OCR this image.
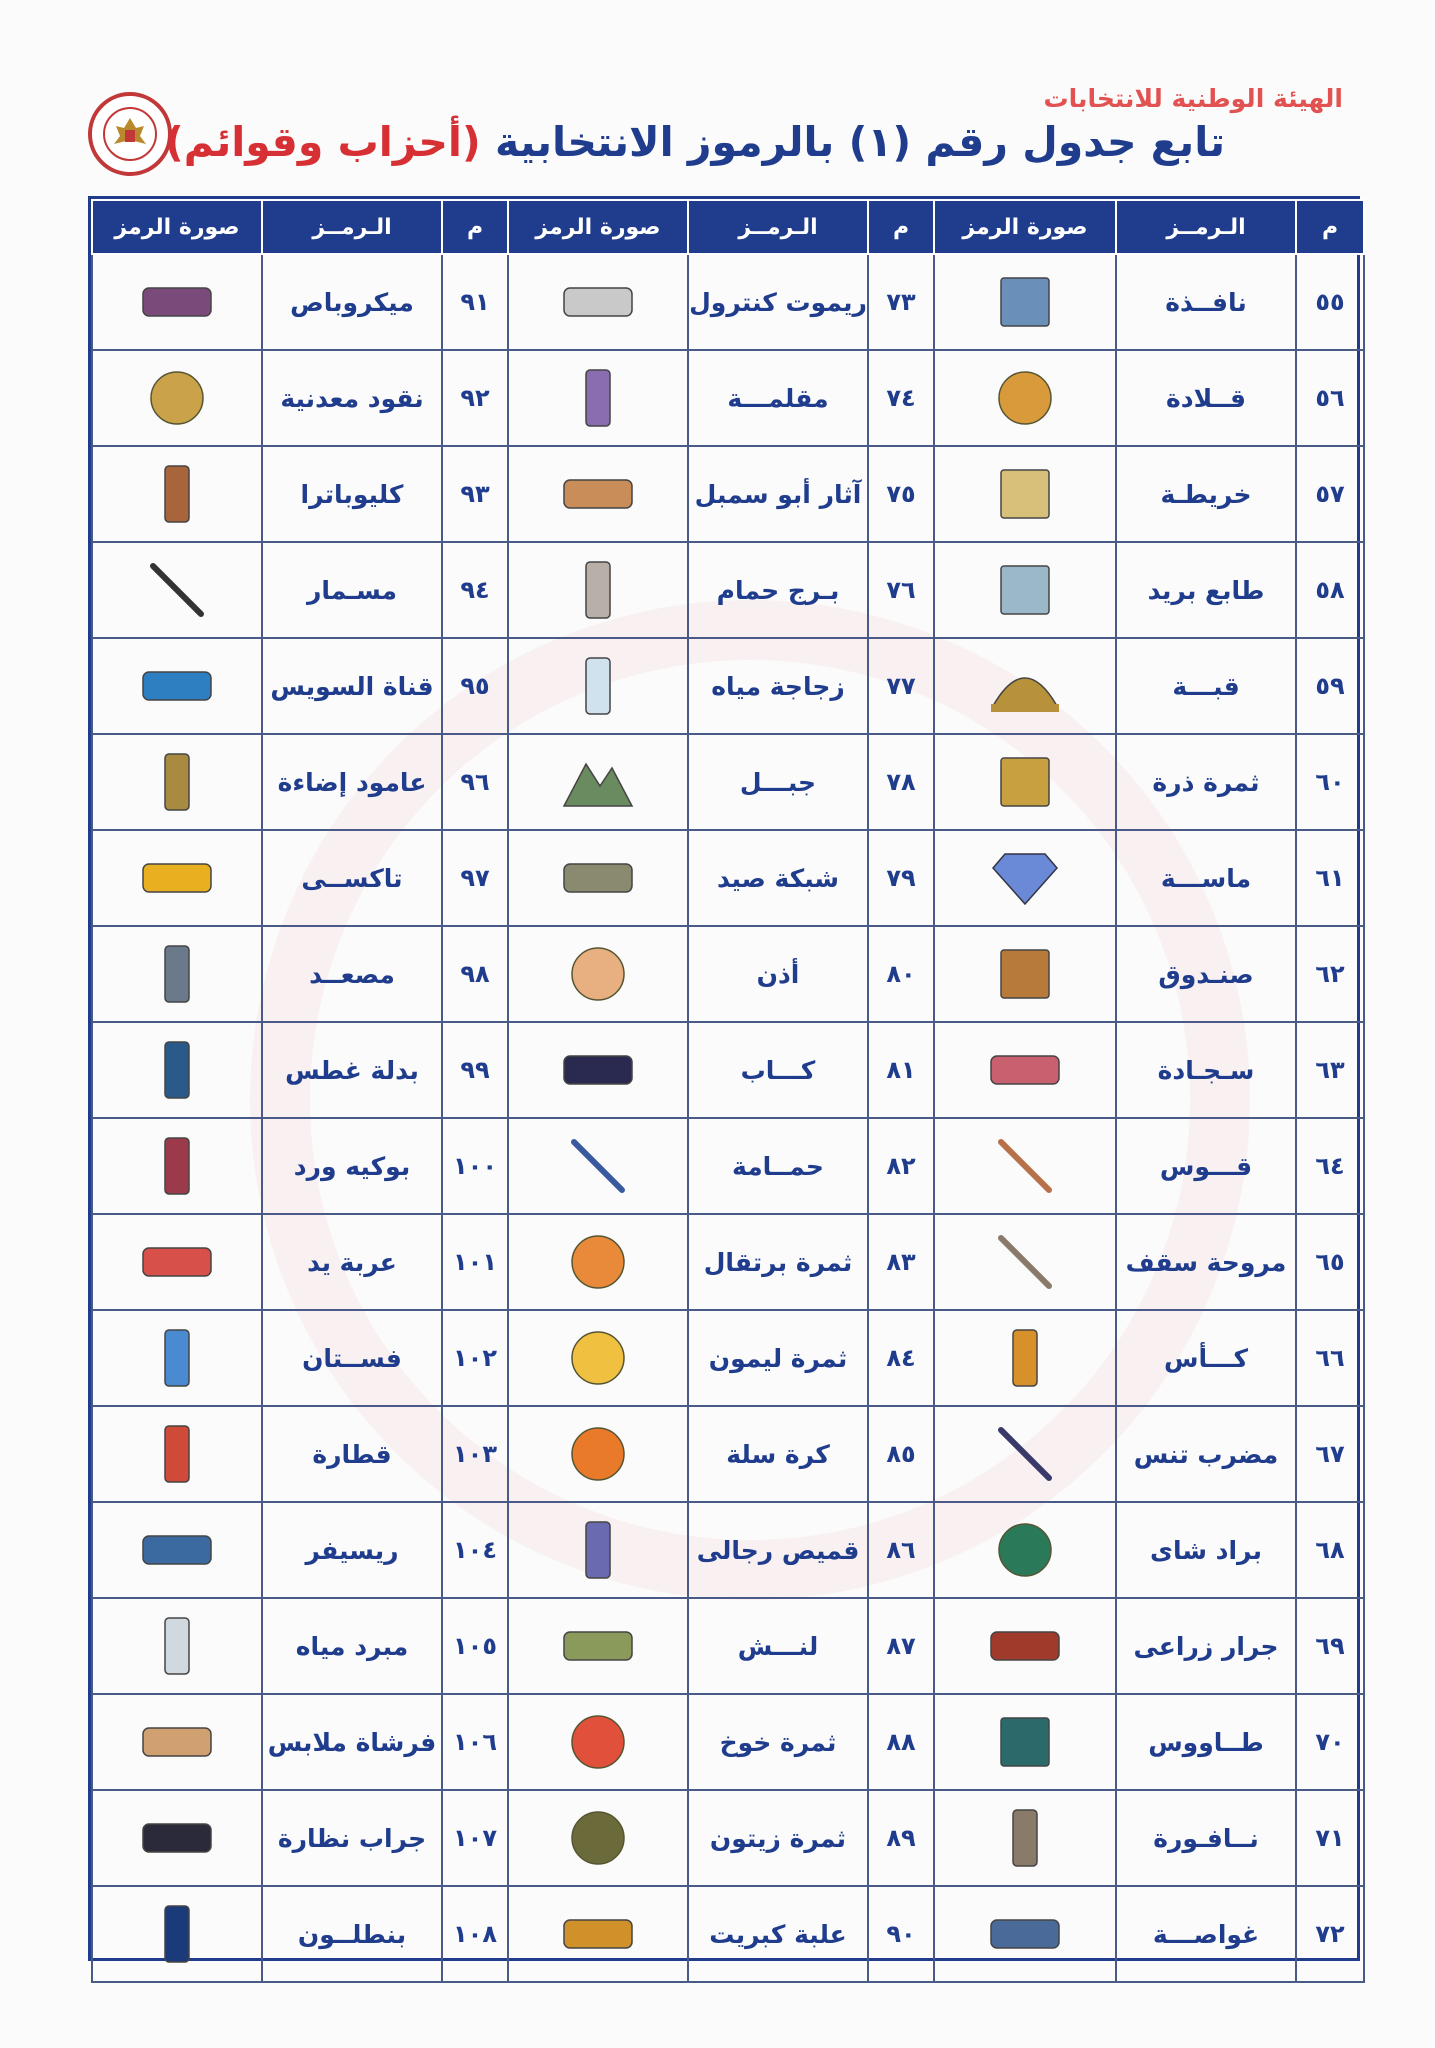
الهيئة الوطنية للانتخابات
تابع جدول رقم (١) بالرموز الانتخابية (أحزاب وقوائم)
م	الـرمــز	صورة الرمز	م	الـرمــز	صورة الرمز	م	الـرمــز	صورة الرمز
٥٥	نافــذة		٧٣	ريموت كنترول		٩١	ميكروباص	

٥٦	قــلادة		٧٤	مقلمـــة		٩٢	نقود معدنية	

٥٧	خريطـة		٧٥	آثار أبو سمبل		٩٣	كليوباترا	

٥٨	طابع بريد		٧٦	بـرج حمام		٩٤	مسـمار	

٥٩	قبـــة		٧٧	زجاجة مياه		٩٥	قناة السويس	

٦٠	ثمرة ذرة		٧٨	جبـــل		٩٦	عامود إضاءة	

٦١	ماســـة		٧٩	شبكة صيد		٩٧	تاكســى	

٦٢	صنـدوق		٨٠	أذن		٩٨	مصعــد	

٦٣	سـجـادة		٨١	كـــاب		٩٩	بدلة غطس	

٦٤	قـــوس		٨٢	حمــامة		١٠٠	بوكيه ورد	

٦٥	مروحة سقف		٨٣	ثمرة برتقال		١٠١	عربة يد	

٦٦	كـــأس		٨٤	ثمرة ليمون		١٠٢	فســتان	

٦٧	مضرب تنس		٨٥	كرة سلة		١٠٣	قطارة	

٦٨	براد شاى		٨٦	قميص رجالى		١٠٤	ريسيفر	

٦٩	جرار زراعى		٨٧	لنـــش		١٠٥	مبرد مياه	

٧٠	طــاووس		٨٨	ثمرة خوخ		١٠٦	فرشاة ملابس	

٧١	نــافـورة		٨٩	ثمرة زيتون		١٠٧	جراب نظارة	

٧٢	غواصـــة		٩٠	علبة كبريت		١٠٨	بنطلــون	
